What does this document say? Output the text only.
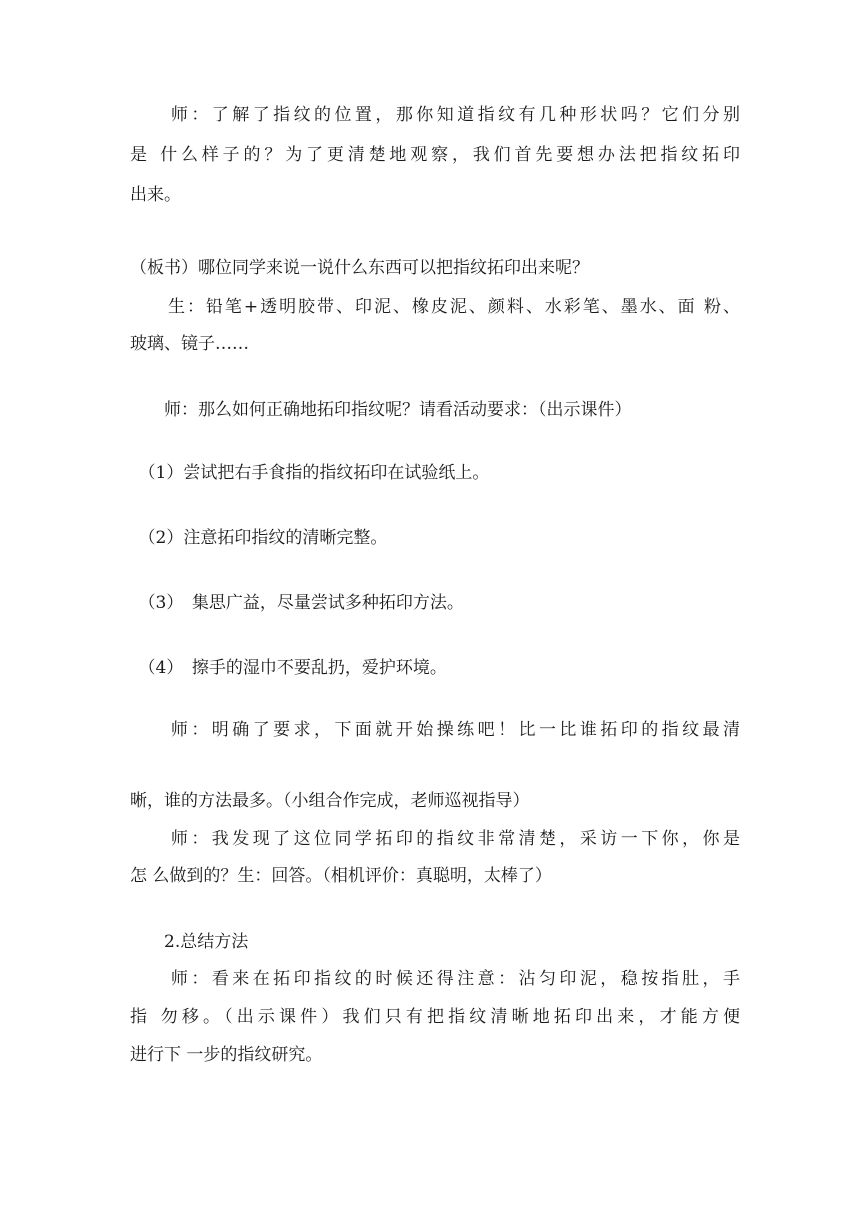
　　师：了解了指纹的位置，那你知道指纹有几种形状吗？它们分别
是 什么样子的？为了更清楚地观察，我们首先要想办法把指纹拓印
出来。
（板书）哪位同学来说一说什么东西可以把指纹拓印出来呢？
　　生：铅笔+透明胶带、印泥、橡皮泥、颜料、水彩笔、墨水、面 粉、
玻璃、镜子……
　　师：那么如何正确地拓印指纹呢？请看活动要求：（出示课件）
　（1）尝试把右手食指的指纹拓印在试验纸上。
　（2）注意拓印指纹的清晰完整。
　（3）　集思广益，尽量尝试多种拓印方法。
　（4）　擦手的湿巾不要乱扔，爱护环境。
　　师：明确了要求，下面就开始操练吧！比一比谁拓印的指纹最清
晰，谁的方法最多。（小组合作完成，老师巡视指导）
　　师：我发现了这位同学拓印的指纹非常清楚，采访一下你，你是
怎 么做到的？生：回答。（相机评价：真聪明，太棒了）
　　2.总结方法
　　师：看来在拓印指纹的时候还得注意：沾匀印泥，稳按指肚，手
指 勿移。（出示课件）我们只有把指纹清晰地拓印出来，才能方便
进行下 一步的指纹研究。
